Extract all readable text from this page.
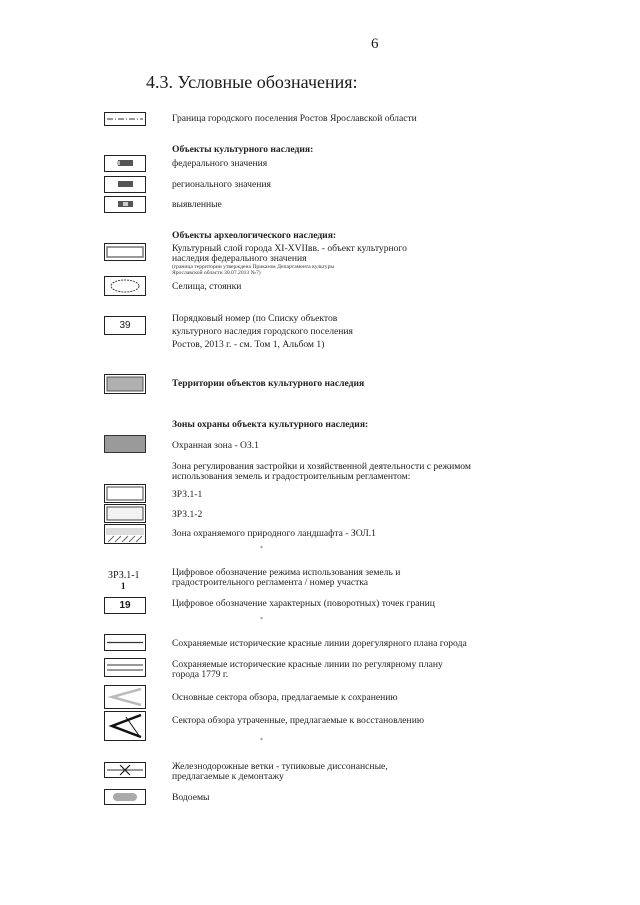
6
4.3. Условные обозначения:
Граница городского поселения Ростов Ярославской области
Объекты культурного наследия:
федерального значения
регионального значения
выявленные
Объекты археологического наследия:
Культурный слой города XI-XVIIвв. - объект культурного
наследия федерального значения
(граница территории утверждена Приказом Департамента культуры
Ярославской области 30.07.2013 №7)
Селища, стоянки
39
Порядковый номер (по Списку объектов
культурного наследия городского поселения
Ростов, 2013 г. - см. Том 1, Альбом 1)
Территории объектов культурного наследия
Зоны охраны объекта культурного наследия:
Охранная зона - ОЗ.1
Зона регулирования застройки и хозяйственной деятельности с режимом
использования земель и градостроительным регламентом:
ЗРЗ.1-1
ЗРЗ.1-2
Зона охраняемого природного ландшафта - ЗОЛ.1
*
ЗРЗ.1-1
1
Цифровое обозначение режима использования земель и
градостроительного регламента / номер участка
19	Цифровое обозначение характерных (поворотных) точек границ
*
Сохраняемые исторические красные линии дорегулярного плана города
Сохраняемые исторические красные линии по регулярному плану
города 1779 г.
Основные сектора обзора, предлагаемые к сохранению
Сектора обзора утраченные, предлагаемые к восстановлению
*
Железнодорожные ветки - тупиковые диссонансные,
предлагаемые к демонтажу
Водоемы
